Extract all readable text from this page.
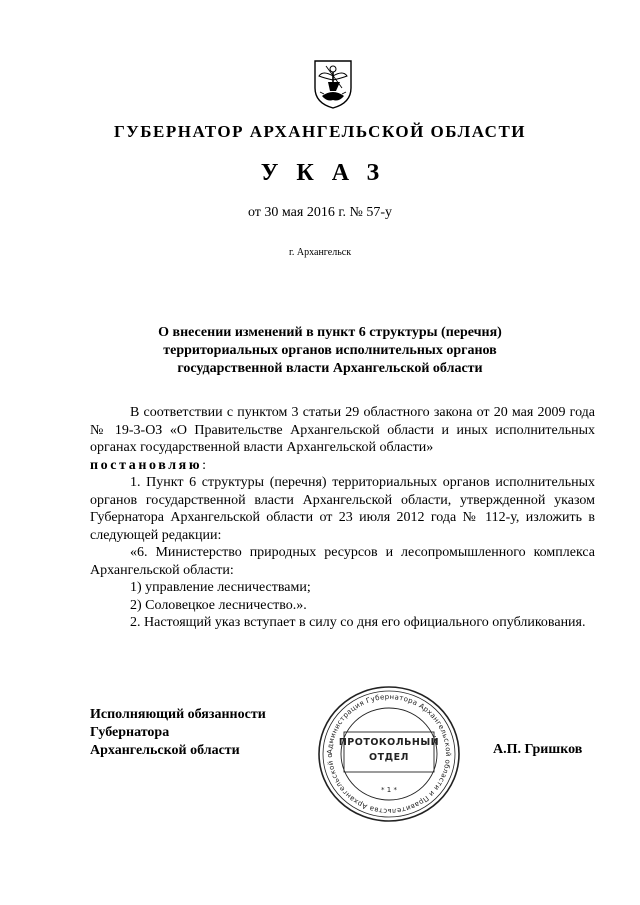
ГУБЕРНАТОР АРХАНГЕЛЬСКОЙ ОБЛАСТИ
УКАЗ
от 30 мая 2016 г. № 57-у
г. Архангельск
О внесении изменений в пункт 6 структуры (перечня)
территориальных органов исполнительных органов
государственной власти Архангельской области

В соответствии с пунктом 3 статьи 29 областного закона от 20 мая 2009 года № 19-3-ОЗ «О Правительстве Архангельской области и иных исполнительных органах государственной власти Архангельской области»
постановляю:

1. Пункт 6 структуры (перечня) территориальных органов исполнительных органов государственной власти Архангельской области, утвержденной указом Губернатора Архангельской области от 23 июля 2012 года № 112-у, изложить в следующей редакции:

«6. Министерство природных ресурсов и лесопромышленного комплекса Архангельской области:

1) управление лесничествами;

2) Соловецкое лесничество.».

2. Настоящий указ вступает в силу со дня его официального опубликования.

Исполняющий обязанности
Губернатора
Архангельской области	Администрация Губернатора Архангельской области и Правительства Архангельской о
* 1 *
ПРОТОКОЛЬНЫЙ
ОТДЕЛ
А.П. Гришков
